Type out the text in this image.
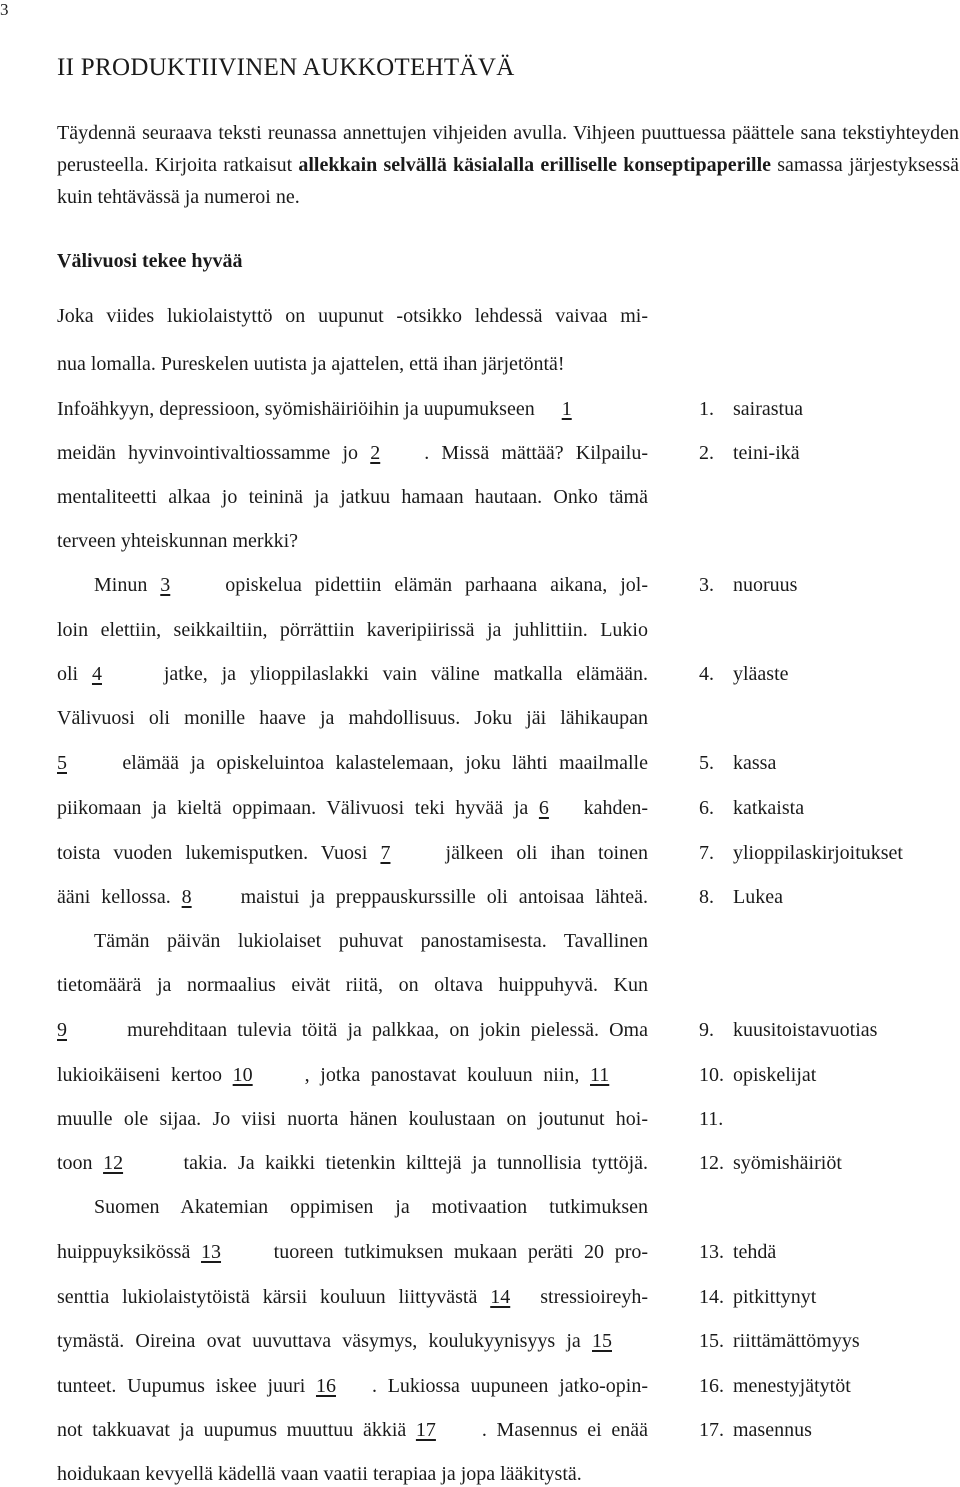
3
II PRODUKTIIVINEN AUKKOTEHTÄVÄ

Täydennä seuraava teksti reunassa annettujen vihjeiden avulla. Vihjeen puuttuessa päättele sana tekstiyhteyden perusteella. Kirjoita ratkaisut allekkain selvällä käsialalla erilliselle konseptipaperille samassa järjestyksessä kuin tehtävässä ja numeroi ne.

Välivuosi tekee hyvää
Joka viides lukiolaistyttö on uupunut -otsikko lehdessä vaivaa mi-
nua lomalla. Pureskelen uutista ja ajattelen, että ihan järjetöntä!
Infoähkyyn, depressioon, syömishäiriöihin ja uupumukseen 1
meidän hyvinvointivaltiossamme jo 2 . Missä mättää? Kilpailu-
mentaliteetti alkaa jo teininä ja jatkuu hamaan hautaan. Onko tämä
terveen yhteiskunnan merkki?
Minun 3 opiskelua pidettiin elämän parhaana aikana, jol-
loin elettiin, seikkailtiin, pörrättiin kaveripiirissä ja juhlittiin. Lukio
oli 4 jatke, ja ylioppilaslakki vain väline matkalla elämään.
Välivuosi oli monille haave ja mahdollisuus. Joku jäi lähikaupan
5 elämää ja opiskeluintoa kalastelemaan, joku lähti maailmalle
piikomaan ja kieltä oppimaan. Välivuosi teki hyvää ja 6 kahden-
toista vuoden lukemisputken. Vuosi 7 jälkeen oli ihan toinen
ääni kellossa. 8 maistui ja preppauskurssille oli antoisaa lähteä.
Tämän päivän lukiolaiset puhuvat panostamisesta. Tavallinen
tietomäärä ja normaalius eivät riitä, on oltava huippuhyvä. Kun
9	murehditaan tulevia töitä ja palkkaa, on jokin pielessä. Oma
lukioikäiseni kertoo 10	, jotka panostavat kouluun niin, 11
muulle ole sijaa. Jo viisi nuorta hänen koulustaan on joutunut hoi-
toon 12	takia. Ja kaikki tietenkin kilttejä ja tunnollisia tyttöjä.
Suomen Akatemian oppimisen ja motivaation tutkimuksen
huippuyksikössä 13 tuoreen tutkimuksen mukaan peräti 20 pro-
senttia lukiolaistytöistä kärsii kouluun liittyvästä 14 stressioireyh-
tymästä. Oireina ovat uuvuttava väsymys, koulukyynisyys ja 15
tunteet. Uupumus iskee juuri 16 . Lukiossa uupuneen jatko-opin-
not takkuavat ja uupumus muuttuu äkkiä 17 . Masennus ei enää
hoidukaan kevyellä kädellä vaan vaatii terapiaa ja jopa lääkitystä.
1. sairastua
2. teini-ikä
3. nuoruus
4. yläaste
5. kassa
6. katkaista
7. ylioppilaskirjoitukset
8. Lukea
9. kuusitoistavuotias
10. opiskelijat
11.
12. syömishäiriöt
13. tehdä
14. pitkittynyt
15. riittämättömyys
16. menestyjätytöt
17. masennus
